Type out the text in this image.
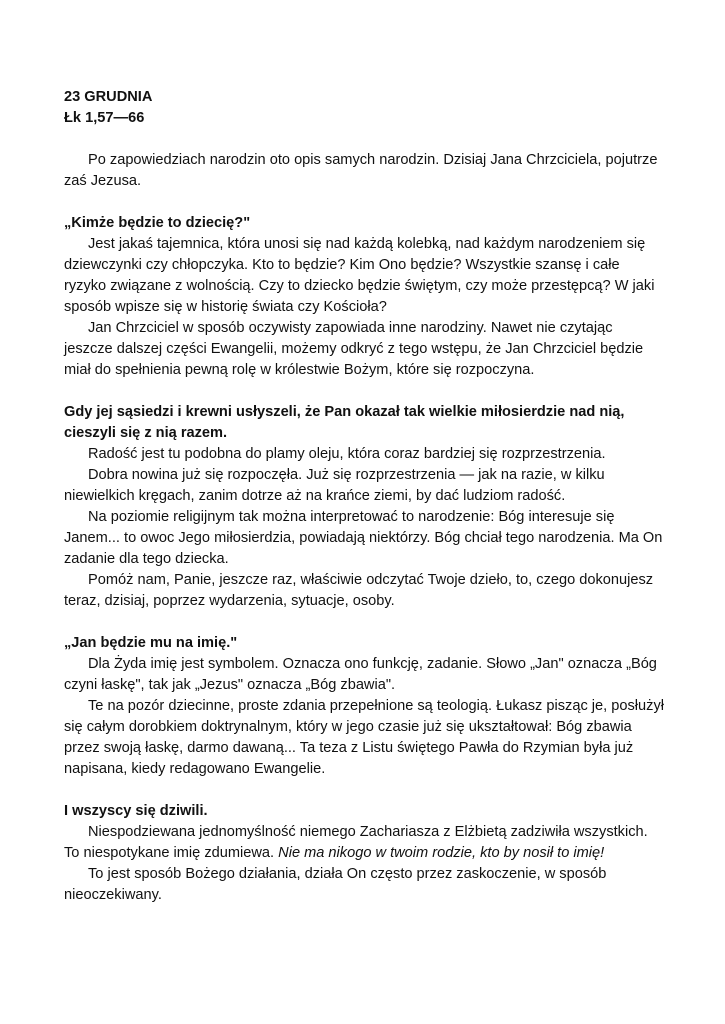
23 GRUDNIA

Łk 1,57—66

Po zapowiedziach narodzin oto opis samych narodzin. Dzisiaj Jana Chrzciciela, pojutrze zaś Jezusa.

„Kimże będzie to dziecię?"

Jest jakaś tajemnica, która unosi się nad każdą kolebką, nad każdym narodzeniem się dziewczynki czy chłopczyka. Kto to będzie? Kim Ono będzie? Wszystkie szansę i całe ryzyko związane z wolnością. Czy to dziecko będzie świętym, czy może przestępcą? W jaki sposób wpisze się w historię świata czy Kościoła?

Jan Chrzciciel w sposób oczywisty zapowiada inne narodziny. Nawet nie czytając jeszcze dalszej części Ewangelii, możemy odkryć z tego wstępu, że Jan Chrzciciel będzie miał do spełnienia pewną rolę w królestwie Bożym, które się rozpoczyna.

Gdy jej sąsiedzi i krewni usłyszeli, że Pan okazał tak wielkie miłosierdzie nad nią, cieszyli się z nią razem.

Radość jest tu podobna do plamy oleju, która coraz bardziej się rozprzestrzenia.

Dobra nowina już się rozpoczęła. Już się rozprzestrzenia — jak na razie, w kilku niewielkich kręgach, zanim dotrze aż na krańce ziemi, by dać ludziom radość.

Na poziomie religijnym tak można interpretować to narodzenie: Bóg interesuje się Janem... to owoc Jego miłosierdzia, powiadają niektórzy. Bóg chciał tego narodzenia. Ma On zadanie dla tego dziecka.

Pomóż nam, Panie, jeszcze raz, właściwie odczytać Twoje dzieło, to, czego dokonujesz teraz, dzisiaj, poprzez wydarzenia, sytuacje, osoby.

„Jan będzie mu na imię."

Dla Żyda imię jest symbolem. Oznacza ono funkcję, zadanie. Słowo „Jan" oznacza „Bóg czyni łaskę", tak jak „Jezus" oznacza „Bóg zbawia".

Te na pozór dziecinne, proste zdania przepełnione są teologią. Łukasz pisząc je, posłużył się całym dorobkiem doktrynalnym, który w jego czasie już się ukształtował: Bóg zbawia przez swoją łaskę, darmo dawaną... Ta teza z Listu świętego Pawła do Rzymian była już napisana, kiedy redagowano Ewangelie.

I wszyscy się dziwili.

Niespodziewana jednomyślność niemego Zachariasza z Elżbietą zadziwiła wszystkich. To niespotykane imię zdumiewa. Nie ma nikogo w twoim rodzie, kto by nosił to imię!

To jest sposób Bożego działania, działa On często przez zaskoczenie, w sposób nieoczekiwany.
